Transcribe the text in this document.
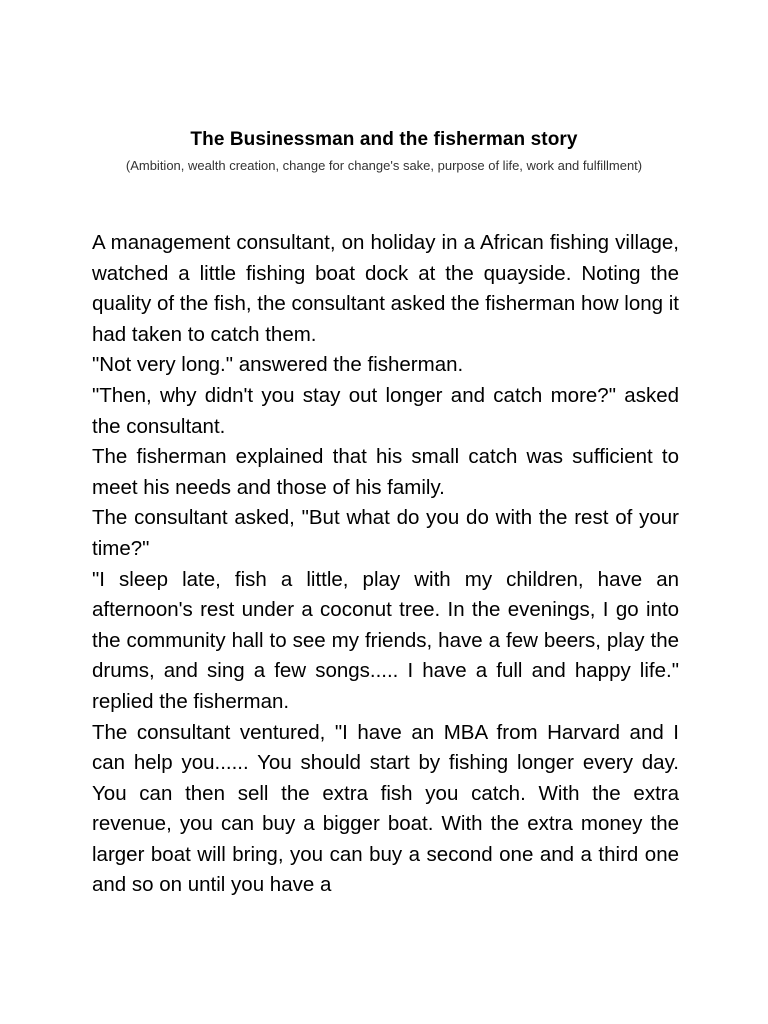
The Businessman and the fisherman story
(Ambition, wealth creation, change for change's sake, purpose of life, work and fulfillment)

A management consultant, on holiday in a African fishing village, watched a little fishing boat dock at the quayside. Noting the quality of the fish, the consultant asked the fisherman how long it had taken to catch them.

"Not very long." answered the fisherman.

"Then, why didn't you stay out longer and catch more?" asked the consultant.

The fisherman explained that his small catch was sufficient to meet his needs and those of his family.

The consultant asked, "But what do you do with the rest of your time?"

"I sleep late, fish a little, play with my children, have an afternoon's rest under a coconut tree. In the evenings, I go into the community hall to see my friends, have a few beers, play the drums, and sing a few songs..... I have a full and happy life." replied the fisherman.

The consultant ventured, "I have an MBA from Harvard and I can help you...... You should start by fishing longer every day. You can then sell the extra fish you catch. With the extra revenue, you can buy a bigger boat. With the extra money the larger boat will bring, you can buy a second one and a third one and so on until you have a
